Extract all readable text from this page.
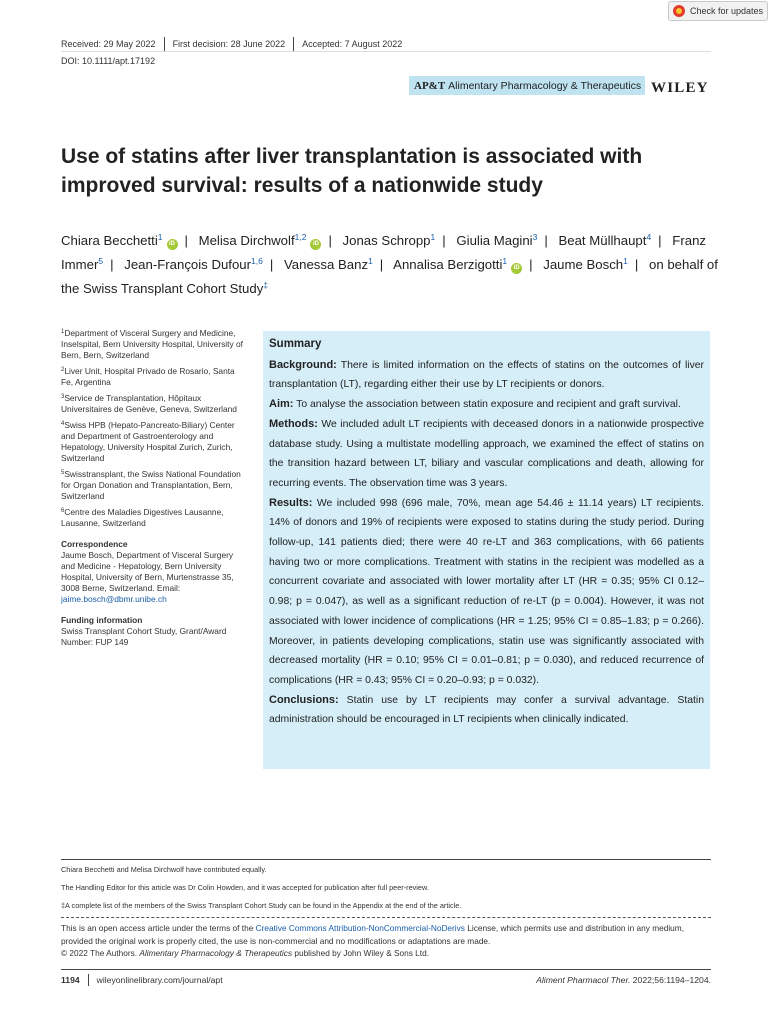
Check for updates
Received: 29 May 2022 First decision: 28 June 2022 Accepted: 7 August 2022
DOI: 10.1111/apt.17192
AP&T Alimentary Pharmacology & Therapeutics WILEY
Use of statins after liver transplantation is associated with improved survival: results of a nationwide study
Chiara Becchetti$^1$iD | Melisa Dirchwolf$^{1,2}$iD | Jonas Schropp$^1$ | Giulia Magini$^3$ | Beat Müllhaupt$^4$ | Franz Immer$^5$ | Jean-François Dufour$^{1,6}$ | Vanessa Banz$^1$ | Annalisa Berzigotti$^1$iD | Jaume Bosch$^1$ | on behalf of the Swiss Transplant Cohort Study‡
$^1$Department of Visceral Surgery and Medicine, Inselspital, Bern University Hospital, University of Bern, Bern, Switzerland
$^2$Liver Unit, Hospital Privado de Rosario, Santa Fe, Argentina
$^3$Service de Transplantation, Hôpitaux Universitaires de Genève, Geneva, Switzerland
$^4$Swiss HPB (Hepato-Pancreato-Biliary) Center and Department of Gastroenterology and Hepatology, University Hospital Zurich, Zurich, Switzerland
$^5$Swisstransplant, the Swiss National Foundation for Organ Donation and Transplantation, Bern, Switzerland
$^6$Centre des Maladies Digestives Lausanne, Lausanne, Switzerland
Correspondence
Jaume Bosch, Department of Visceral Surgery and Medicine - Hepatology, Bern University Hospital, University of Bern, Murtenstrasse 35, 3008 Berne, Switzerland. Email: jaime.bosch@dbmr.unibe.ch
Funding information
Swiss Transplant Cohort Study, Grant/Award Number: FUP 149
Summary

Background: There is limited information on the effects of statins on the outcomes of liver transplantation (LT), regarding either their use by LT recipients or donors.

Aim: To analyse the association between statin exposure and recipient and graft survival.

Methods: We included adult LT recipients with deceased donors in a nationwide prospective database study. Using a multistate modelling approach, we examined the effect of statins on the transition hazard between LT, biliary and vascular complications and death, allowing for recurring events. The observation time was 3 years.

Results: We included 998 (696 male, 70%, mean age 54.46 ± 11.14 years) LT recipients. 14% of donors and 19% of recipients were exposed to statins during the study period. During follow-up, 141 patients died; there were 40 re-LT and 363 complications, with 66 patients having two or more complications. Treatment with statins in the recipient was modelled as a concurrent covariate and associated with lower mortality after LT (HR = 0.35; 95% CI 0.12–0.98; p = 0.047), as well as a significant reduction of re-LT (p = 0.004). However, it was not associated with lower incidence of complications (HR = 1.25; 95% CI = 0.85–1.83; p = 0.266). Moreover, in patients developing complications, statin use was significantly associated with decreased mortality (HR = 0.10; 95% CI = 0.01–0.81; p = 0.030), and reduced recurrence of complications (HR = 0.43; 95% CI = 0.20–0.93; p = 0.032).

Conclusions: Statin use by LT recipients may confer a survival advantage. Statin administration should be encouraged in LT recipients when clinically indicated.

Chiara Becchetti and Melisa Dirchwolf have contributed equally.
The Handling Editor for this article was Dr Colin Howden, and it was accepted for publication after full peer-review.
‡A complete list of the members of the Swiss Transplant Cohort Study can be found in the Appendix at the end of the article.
This is an open access article under the terms of the Creative Commons Attribution-NonCommercial-NoDerivs License, which permits use and distribution in any medium, provided the original work is properly cited, the use is non-commercial and no modifications or adaptations are made.
© 2022 The Authors. Alimentary Pharmacology & Therapeutics published by John Wiley & Sons Ltd.
1194 wileyonlinelibrary.com/journal/apt	Aliment Pharmacol Ther. 2022;56:1194–1204.
